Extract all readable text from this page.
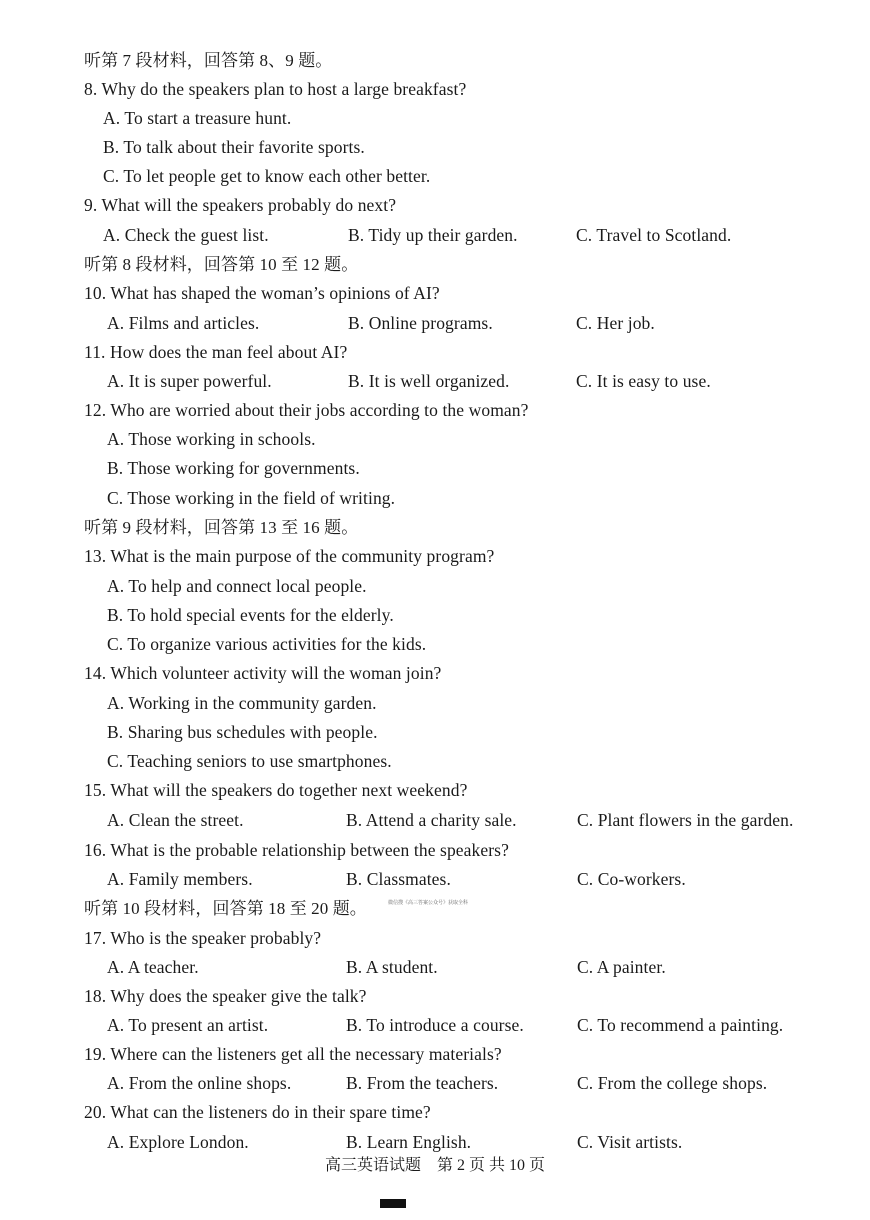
听第 7 段材料，回答第 8、9 题。
8. Why do the speakers plan to host a large breakfast?
A. To start a treasure hunt.
B. To talk about their favorite sports.
C. To let people get to know each other better.
9. What will the speakers probably do next?
A. Check the guest list.	B. Tidy up their garden.	C. Travel to Scotland.
听第 8 段材料，回答第 10 至 12 题。
10. What has shaped the woman’s opinions of AI?
A. Films and articles.	B. Online programs.	C. Her job.
11. How does the man feel about AI?
A. It is super powerful.	B. It is well organized.	C. It is easy to use.
12. Who are worried about their jobs according to the woman?
A. Those working in schools.
B. Those working for governments.
C. Those working in the field of writing.
听第 9 段材料，回答第 13 至 16 题。
13. What is the main purpose of the community program?
A. To help and connect local people.
B. To hold special events for the elderly.
C. To organize various activities for the kids.
14. Which volunteer activity will the woman join?
A. Working in the community garden.
B. Sharing bus schedules with people.
C. Teaching seniors to use smartphones.
15. What will the speakers do together next weekend?
A. Clean the street.	B. Attend a charity sale.	C. Plant flowers in the garden.
16. What is the probable relationship between the speakers?
A. Family members.	B. Classmates.	C. Co-workers.
听第 10 段材料，回答第 18 至 20 题。	微信搜《高三答案公众号》获取全科
17. Who is the speaker probably?
A. A teacher.	B. A student.	C. A painter.
18. Why does the speaker give the talk?
A. To present an artist.	B. To introduce a course.	C. To recommend a painting.
19. Where can the listeners get all the necessary materials?
A. From the online shops.	B. From the teachers.	C. From the college shops.
20. What can the listeners do in their spare time?
A. Explore London.	B. Learn English.	C. Visit artists.
高三英语试题    第 2 页 共 10 页
